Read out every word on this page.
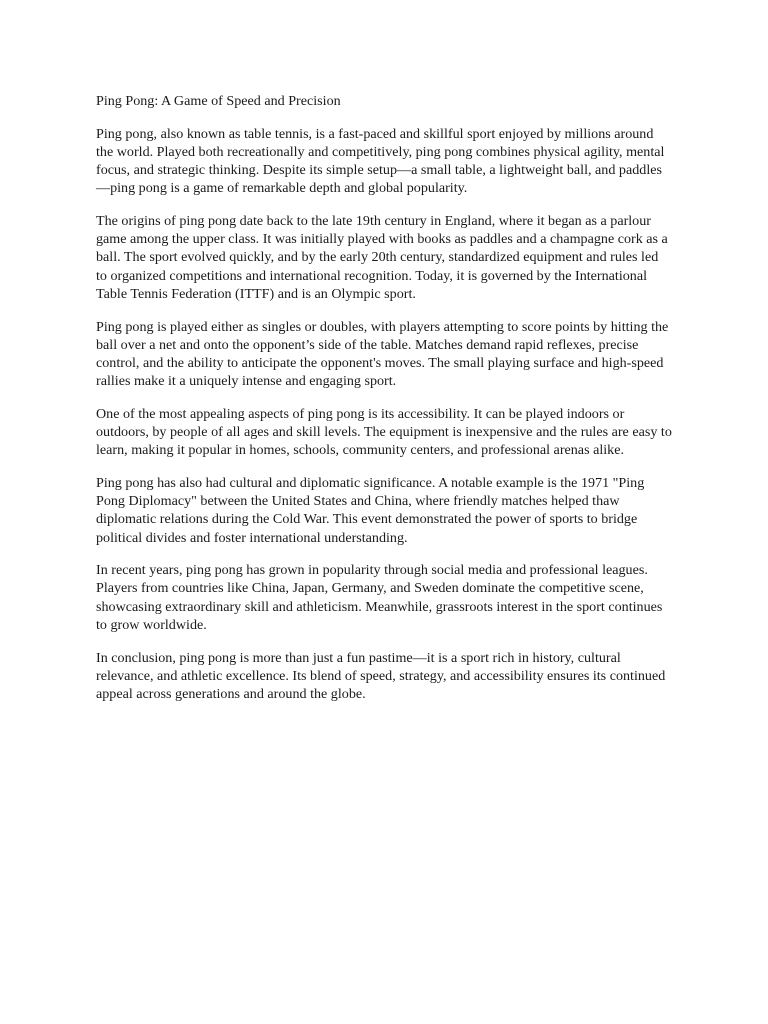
Ping Pong: A Game of Speed and Precision

Ping pong, also known as table tennis, is a fast-paced and skillful sport enjoyed by millions around the world. Played both recreationally and competitively, ping pong combines physical agility, mental focus, and strategic thinking. Despite its simple setup—a small table, a lightweight ball, and paddles—ping pong is a game of remarkable depth and global popularity.

The origins of ping pong date back to the late 19th century in England, where it began as a parlour game among the upper class. It was initially played with books as paddles and a champagne cork as a ball. The sport evolved quickly, and by the early 20th century, standardized equipment and rules led to organized competitions and international recognition. Today, it is governed by the International Table Tennis Federation (ITTF) and is an Olympic sport.

Ping pong is played either as singles or doubles, with players attempting to score points by hitting the ball over a net and onto the opponent’s side of the table. Matches demand rapid reflexes, precise control, and the ability to anticipate the opponent's moves. The small playing surface and high-speed rallies make it a uniquely intense and engaging sport.

One of the most appealing aspects of ping pong is its accessibility. It can be played indoors or outdoors, by people of all ages and skill levels. The equipment is inexpensive and the rules are easy to learn, making it popular in homes, schools, community centers, and professional arenas alike.

Ping pong has also had cultural and diplomatic significance. A notable example is the 1971 "Ping Pong Diplomacy" between the United States and China, where friendly matches helped thaw diplomatic relations during the Cold War. This event demonstrated the power of sports to bridge political divides and foster international understanding.

In recent years, ping pong has grown in popularity through social media and professional leagues. Players from countries like China, Japan, Germany, and Sweden dominate the competitive scene, showcasing extraordinary skill and athleticism. Meanwhile, grassroots interest in the sport continues to grow worldwide.

In conclusion, ping pong is more than just a fun pastime—it is a sport rich in history, cultural relevance, and athletic excellence. Its blend of speed, strategy, and accessibility ensures its continued appeal across generations and around the globe.
